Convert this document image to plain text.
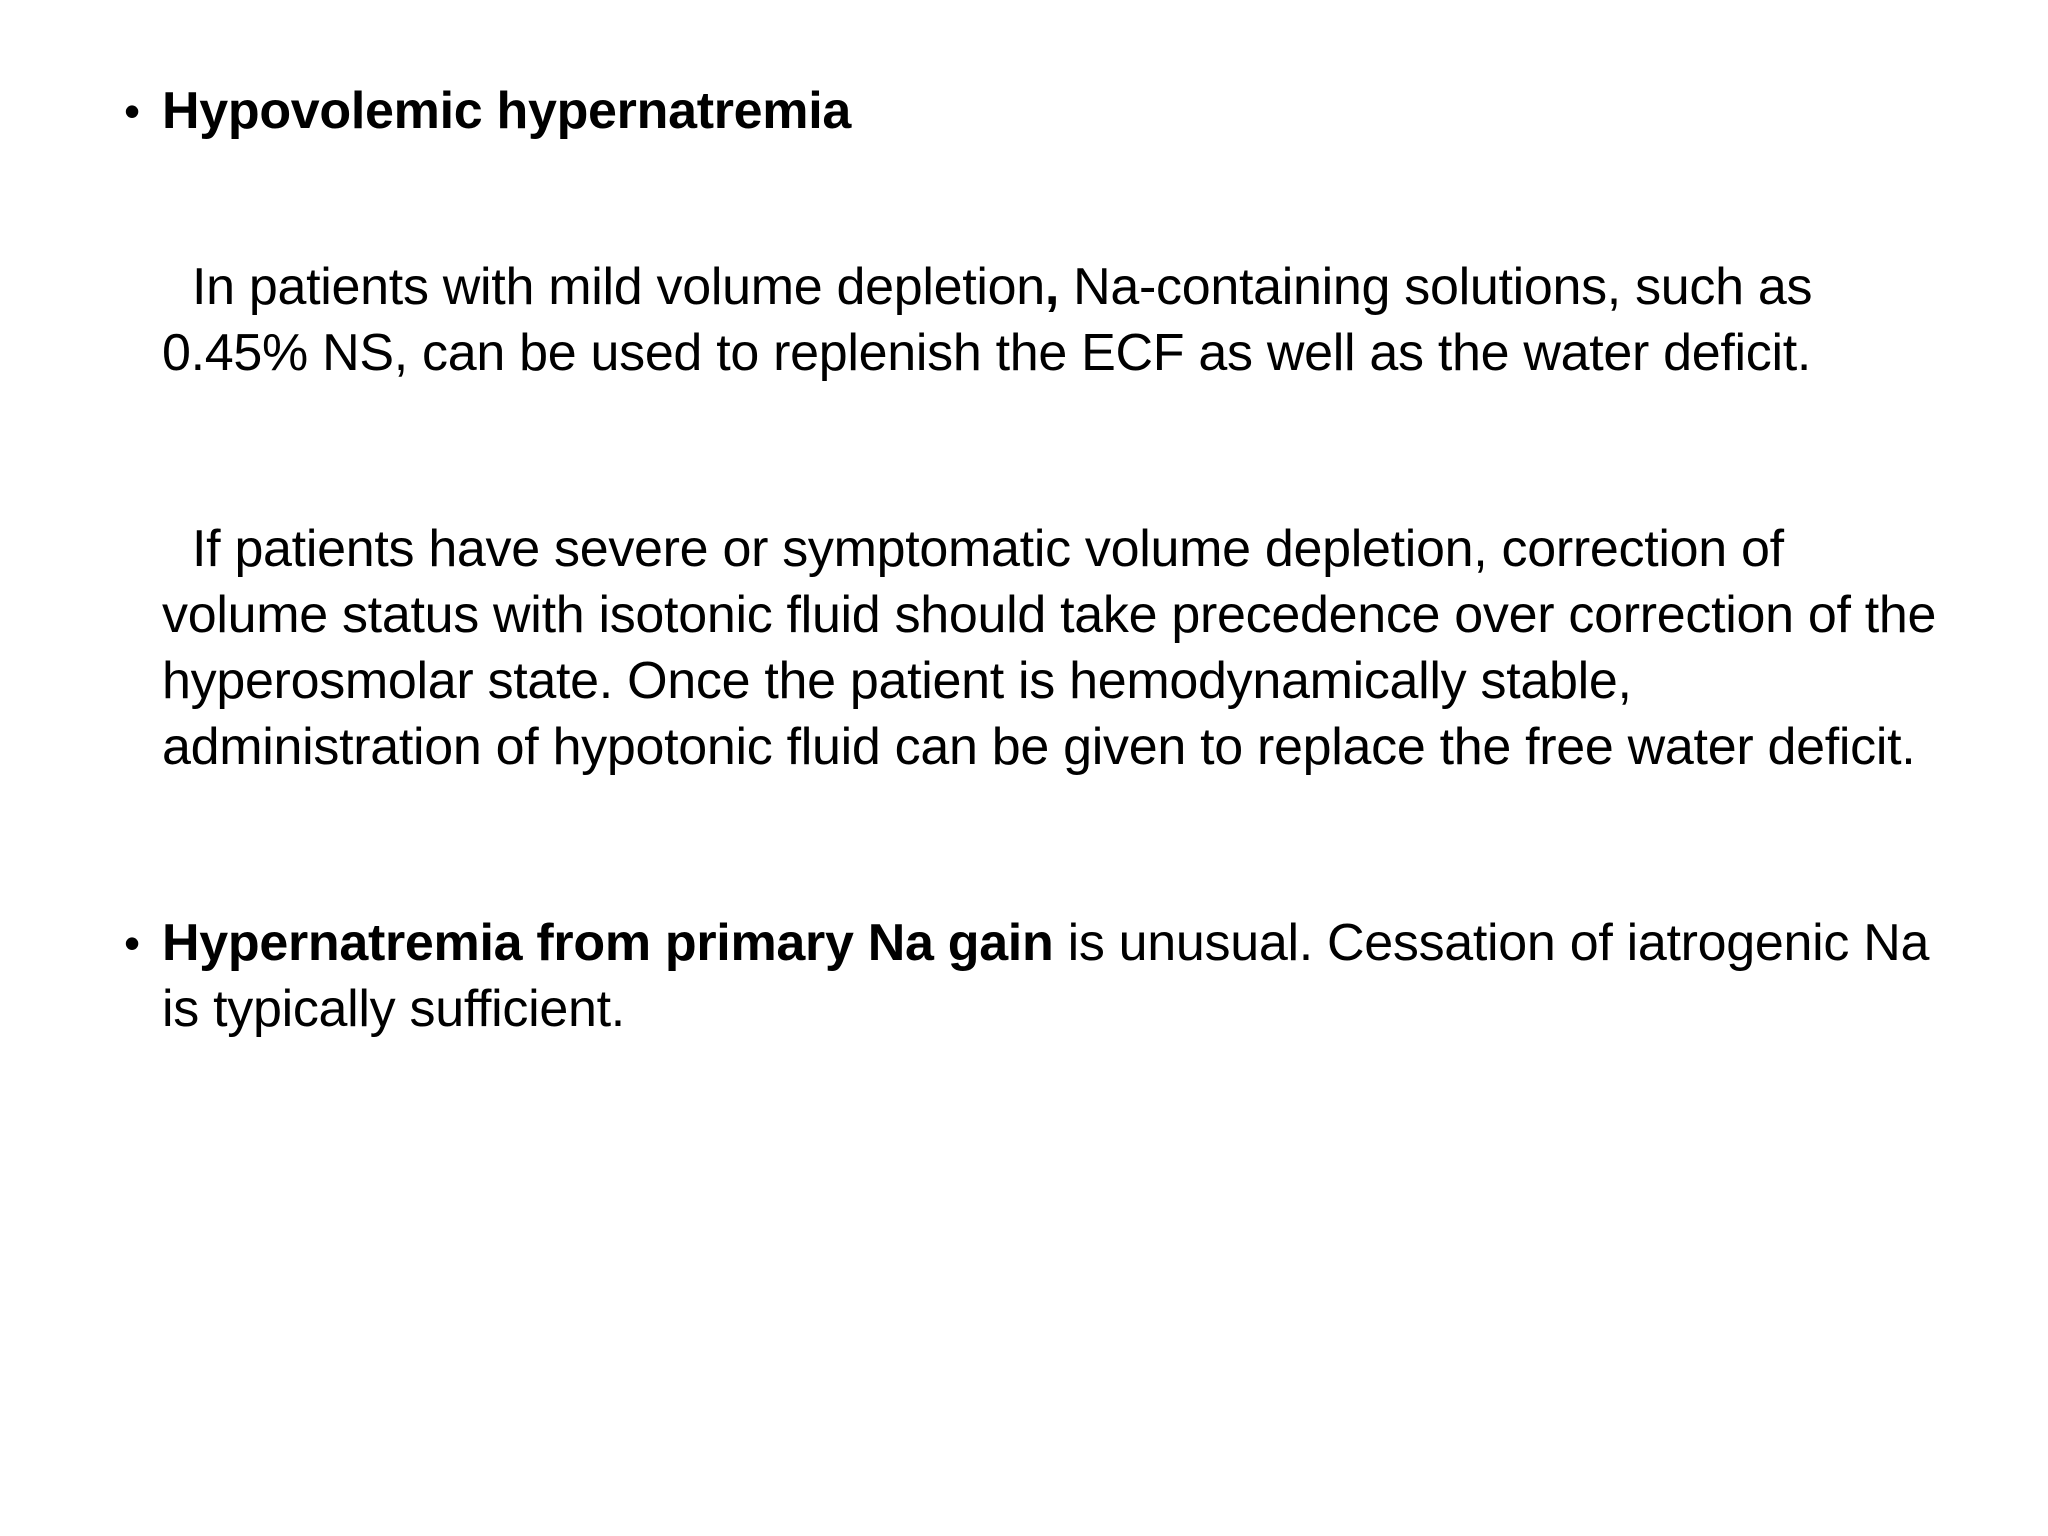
• Hypovolemic hypernatremia
In patients with mild volume depletion, Na-containing solutions, such as 0.45% NS, can be used to replenish the ECF as well as the water deficit.
If patients have severe or symptomatic volume depletion, correction of volume status with isotonic fluid should take precedence over correction of the hyperosmolar state. Once the patient is hemodynamically stable, administration of hypotonic fluid can be given to replace the free water deficit.
• Hypernatremia from primary Na gain is unusual. Cessation of iatrogenic Na is typically sufficient.
